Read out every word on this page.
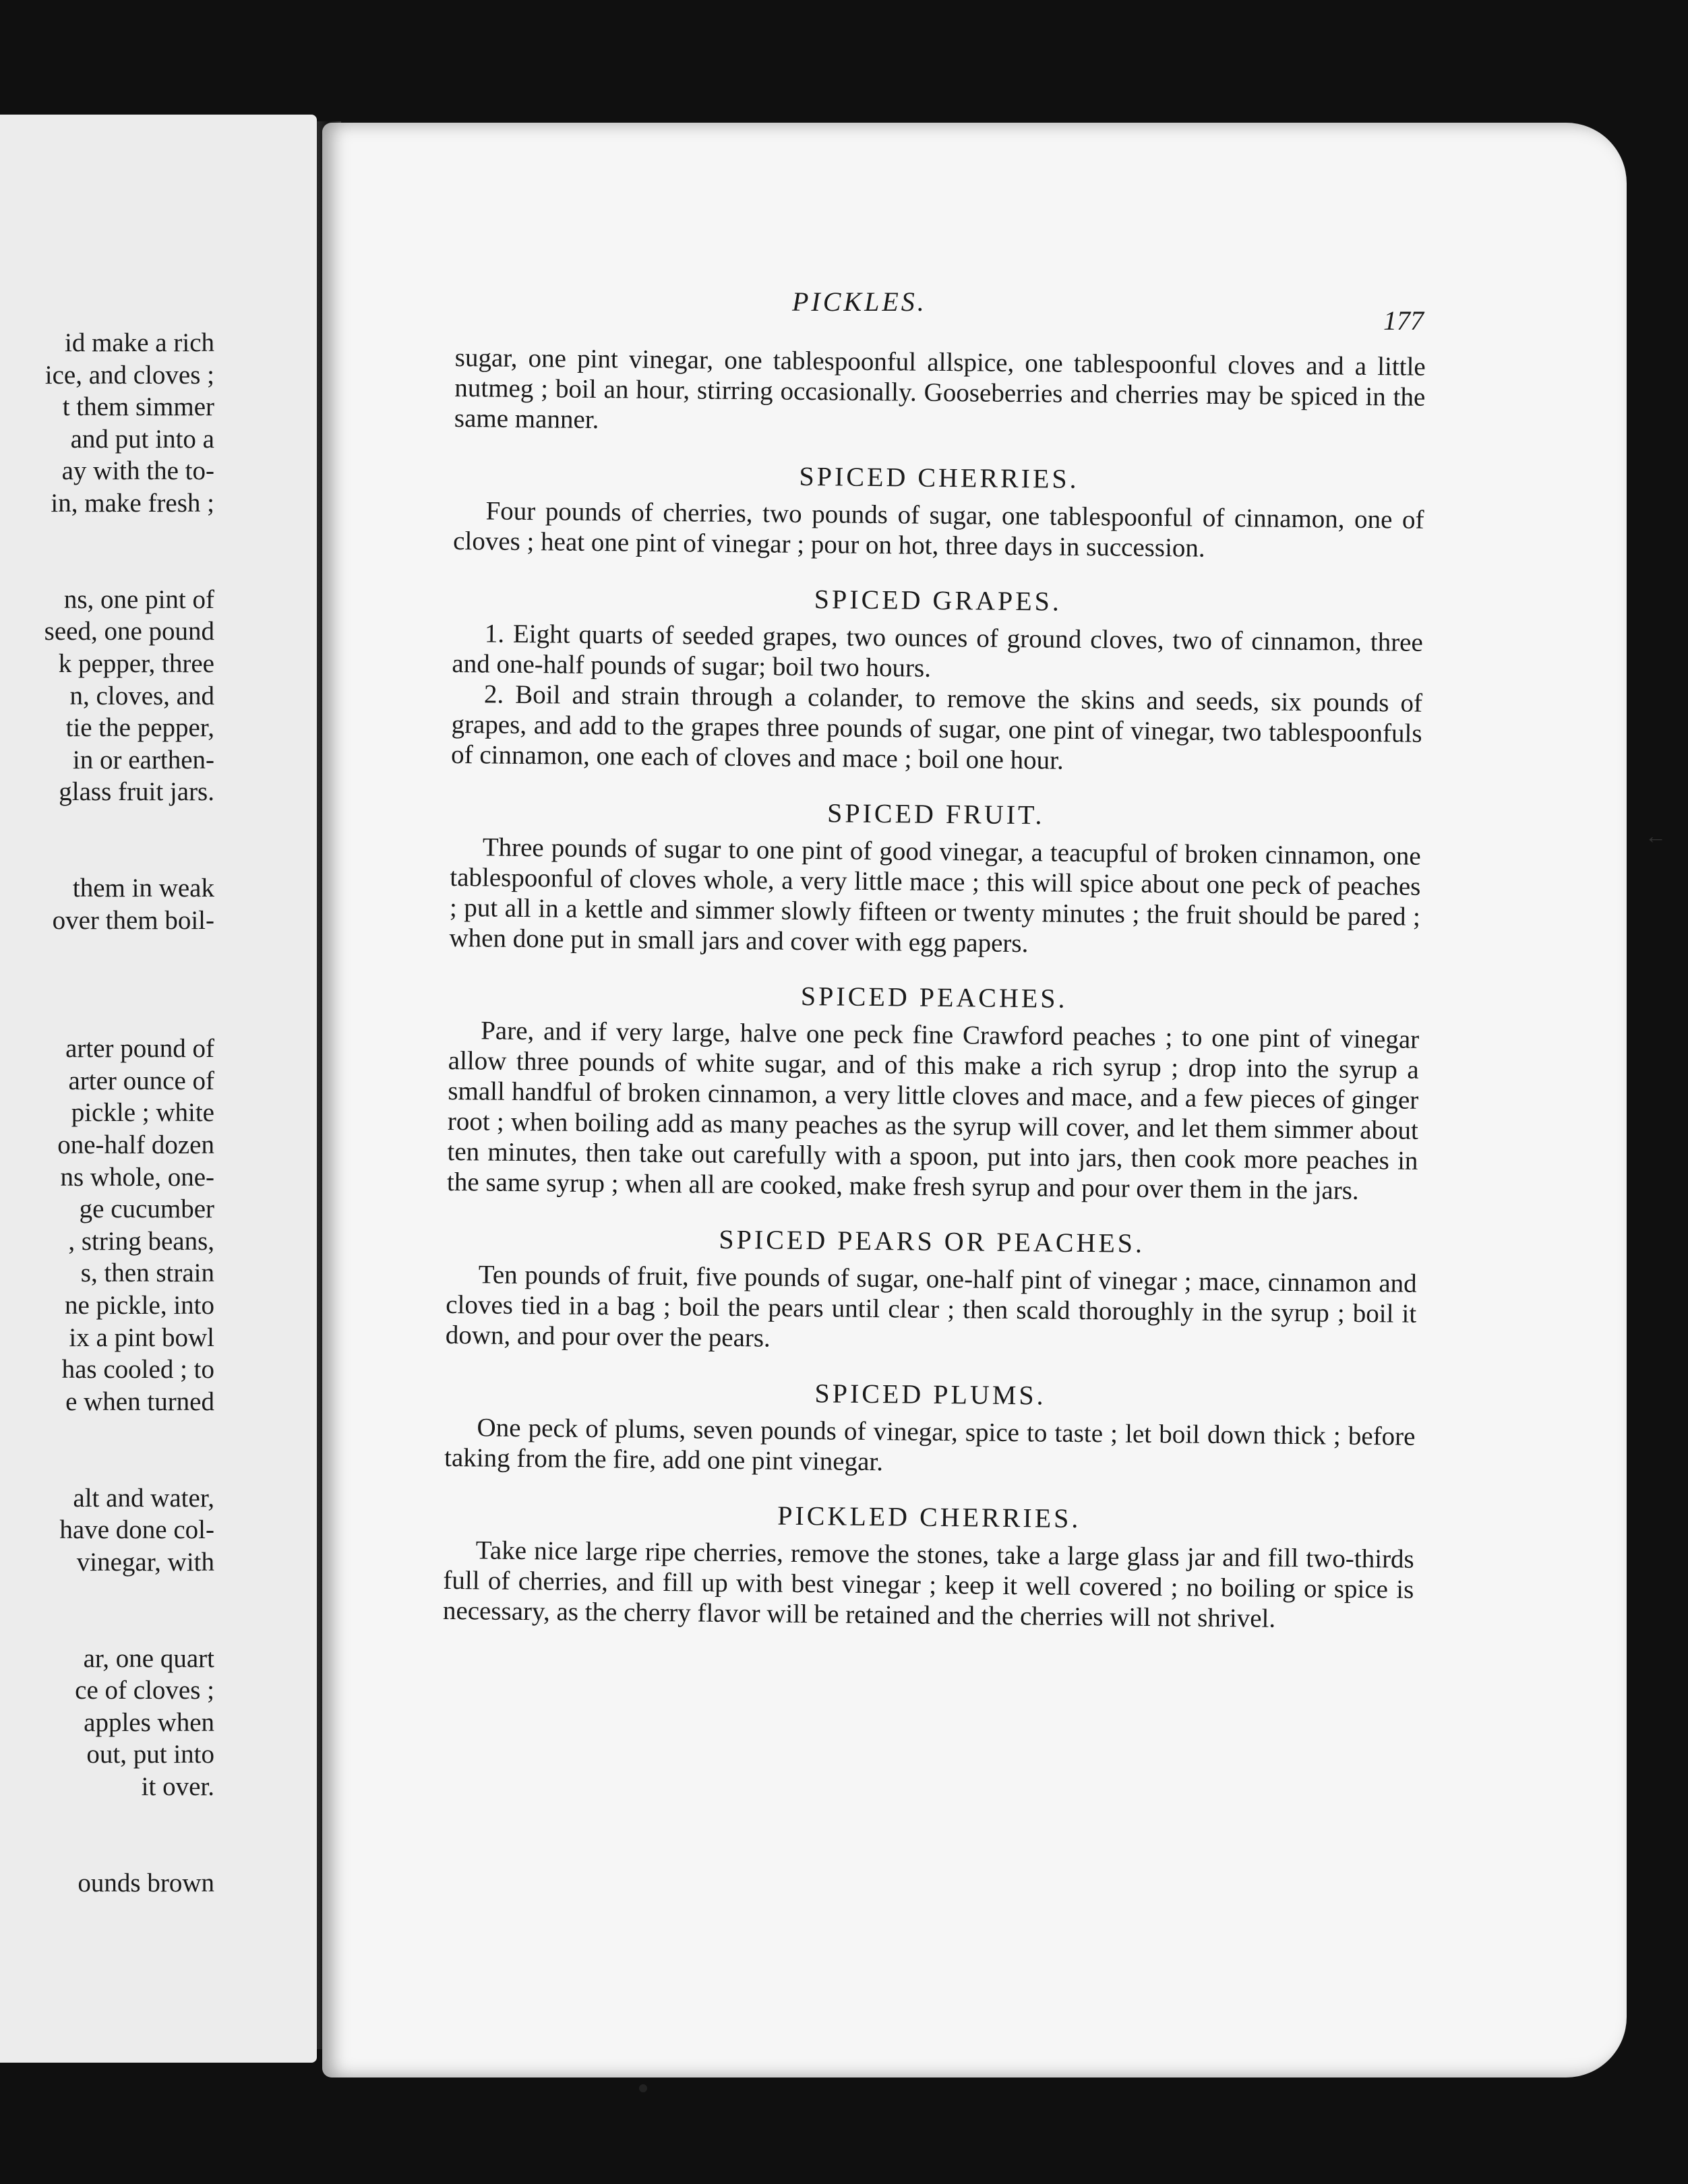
id make a rich
ice, and cloves ;
t them simmer
and put into a
ay with the to-
in, make fresh ;
ns, one pint of
seed, one pound
k pepper, three
n, cloves, and
tie the pepper,
in or earthen-
glass fruit jars.
them in weak
over them boil-
arter pound of
arter ounce of
pickle ; white
one-half dozen
ns whole, one-
ge cucumber
, string beans,
s, then strain
ne pickle, into
ix a pint bowl
has cooled ; to
e when turned
alt and water,
have done col-
vinegar, with
ar, one quart
ce of cloves ;
apples when
out, put into
it over.
ounds brown
PICKLES.
177

sugar, one pint vinegar, one tablespoonful allspice, one tablespoonful cloves and a little nutmeg ; boil an hour, stirring occasionally. Gooseberries and cherries may be spiced in the same manner.

SPICED CHERRIES.

Four pounds of cherries, two pounds of sugar, one tablespoonful of cinnamon, one of cloves ; heat one pint of vinegar ; pour on hot, three days in succession.

SPICED GRAPES.

1. Eight quarts of seeded grapes, two ounces of ground cloves, two of cinnamon, three and one-half pounds of sugar; boil two hours.

2. Boil and strain through a colander, to remove the skins and seeds, six pounds of grapes, and add to the grapes three pounds of sugar, one pint of vinegar, two tablespoonfuls of cinnamon, one each of cloves and mace ; boil one hour.

SPICED FRUIT.

Three pounds of sugar to one pint of good vinegar, a teacupful of broken cinnamon, one tablespoonful of cloves whole, a very little mace ; this will spice about one peck of peaches ; put all in a kettle and simmer slowly fifteen or twenty minutes ; the fruit should be pared ; when done put in small jars and cover with egg papers.

SPICED PEACHES.

Pare, and if very large, halve one peck fine Crawford peaches ; to one pint of vinegar allow three pounds of white sugar, and of this make a rich syrup ; drop into the syrup a small handful of broken cinnamon, a very little cloves and mace, and a few pieces of ginger root ; when boiling add as many peaches as the syrup will cover, and let them simmer about ten minutes, then take out carefully with a spoon, put into jars, then cook more peaches in the same syrup ; when all are cooked, make fresh syrup and pour over them in the jars.

SPICED PEARS OR PEACHES.

Ten pounds of fruit, five pounds of sugar, one-half pint of vinegar ; mace, cinnamon and cloves tied in a bag ; boil the pears until clear ; then scald thoroughly in the syrup ; boil it down, and pour over the pears.

SPICED PLUMS.

One peck of plums, seven pounds of vinegar, spice to taste ; let boil down thick ; before taking from the fire, add one pint vinegar.

PICKLED CHERRIES.

Take nice large ripe cherries, remove the stones, take a large glass jar and fill two-thirds full of cherries, and fill up with best vinegar ; keep it well covered ; no boiling or spice is necessary, as the cherry flavor will be retained and the cherries will not shrivel.

←
